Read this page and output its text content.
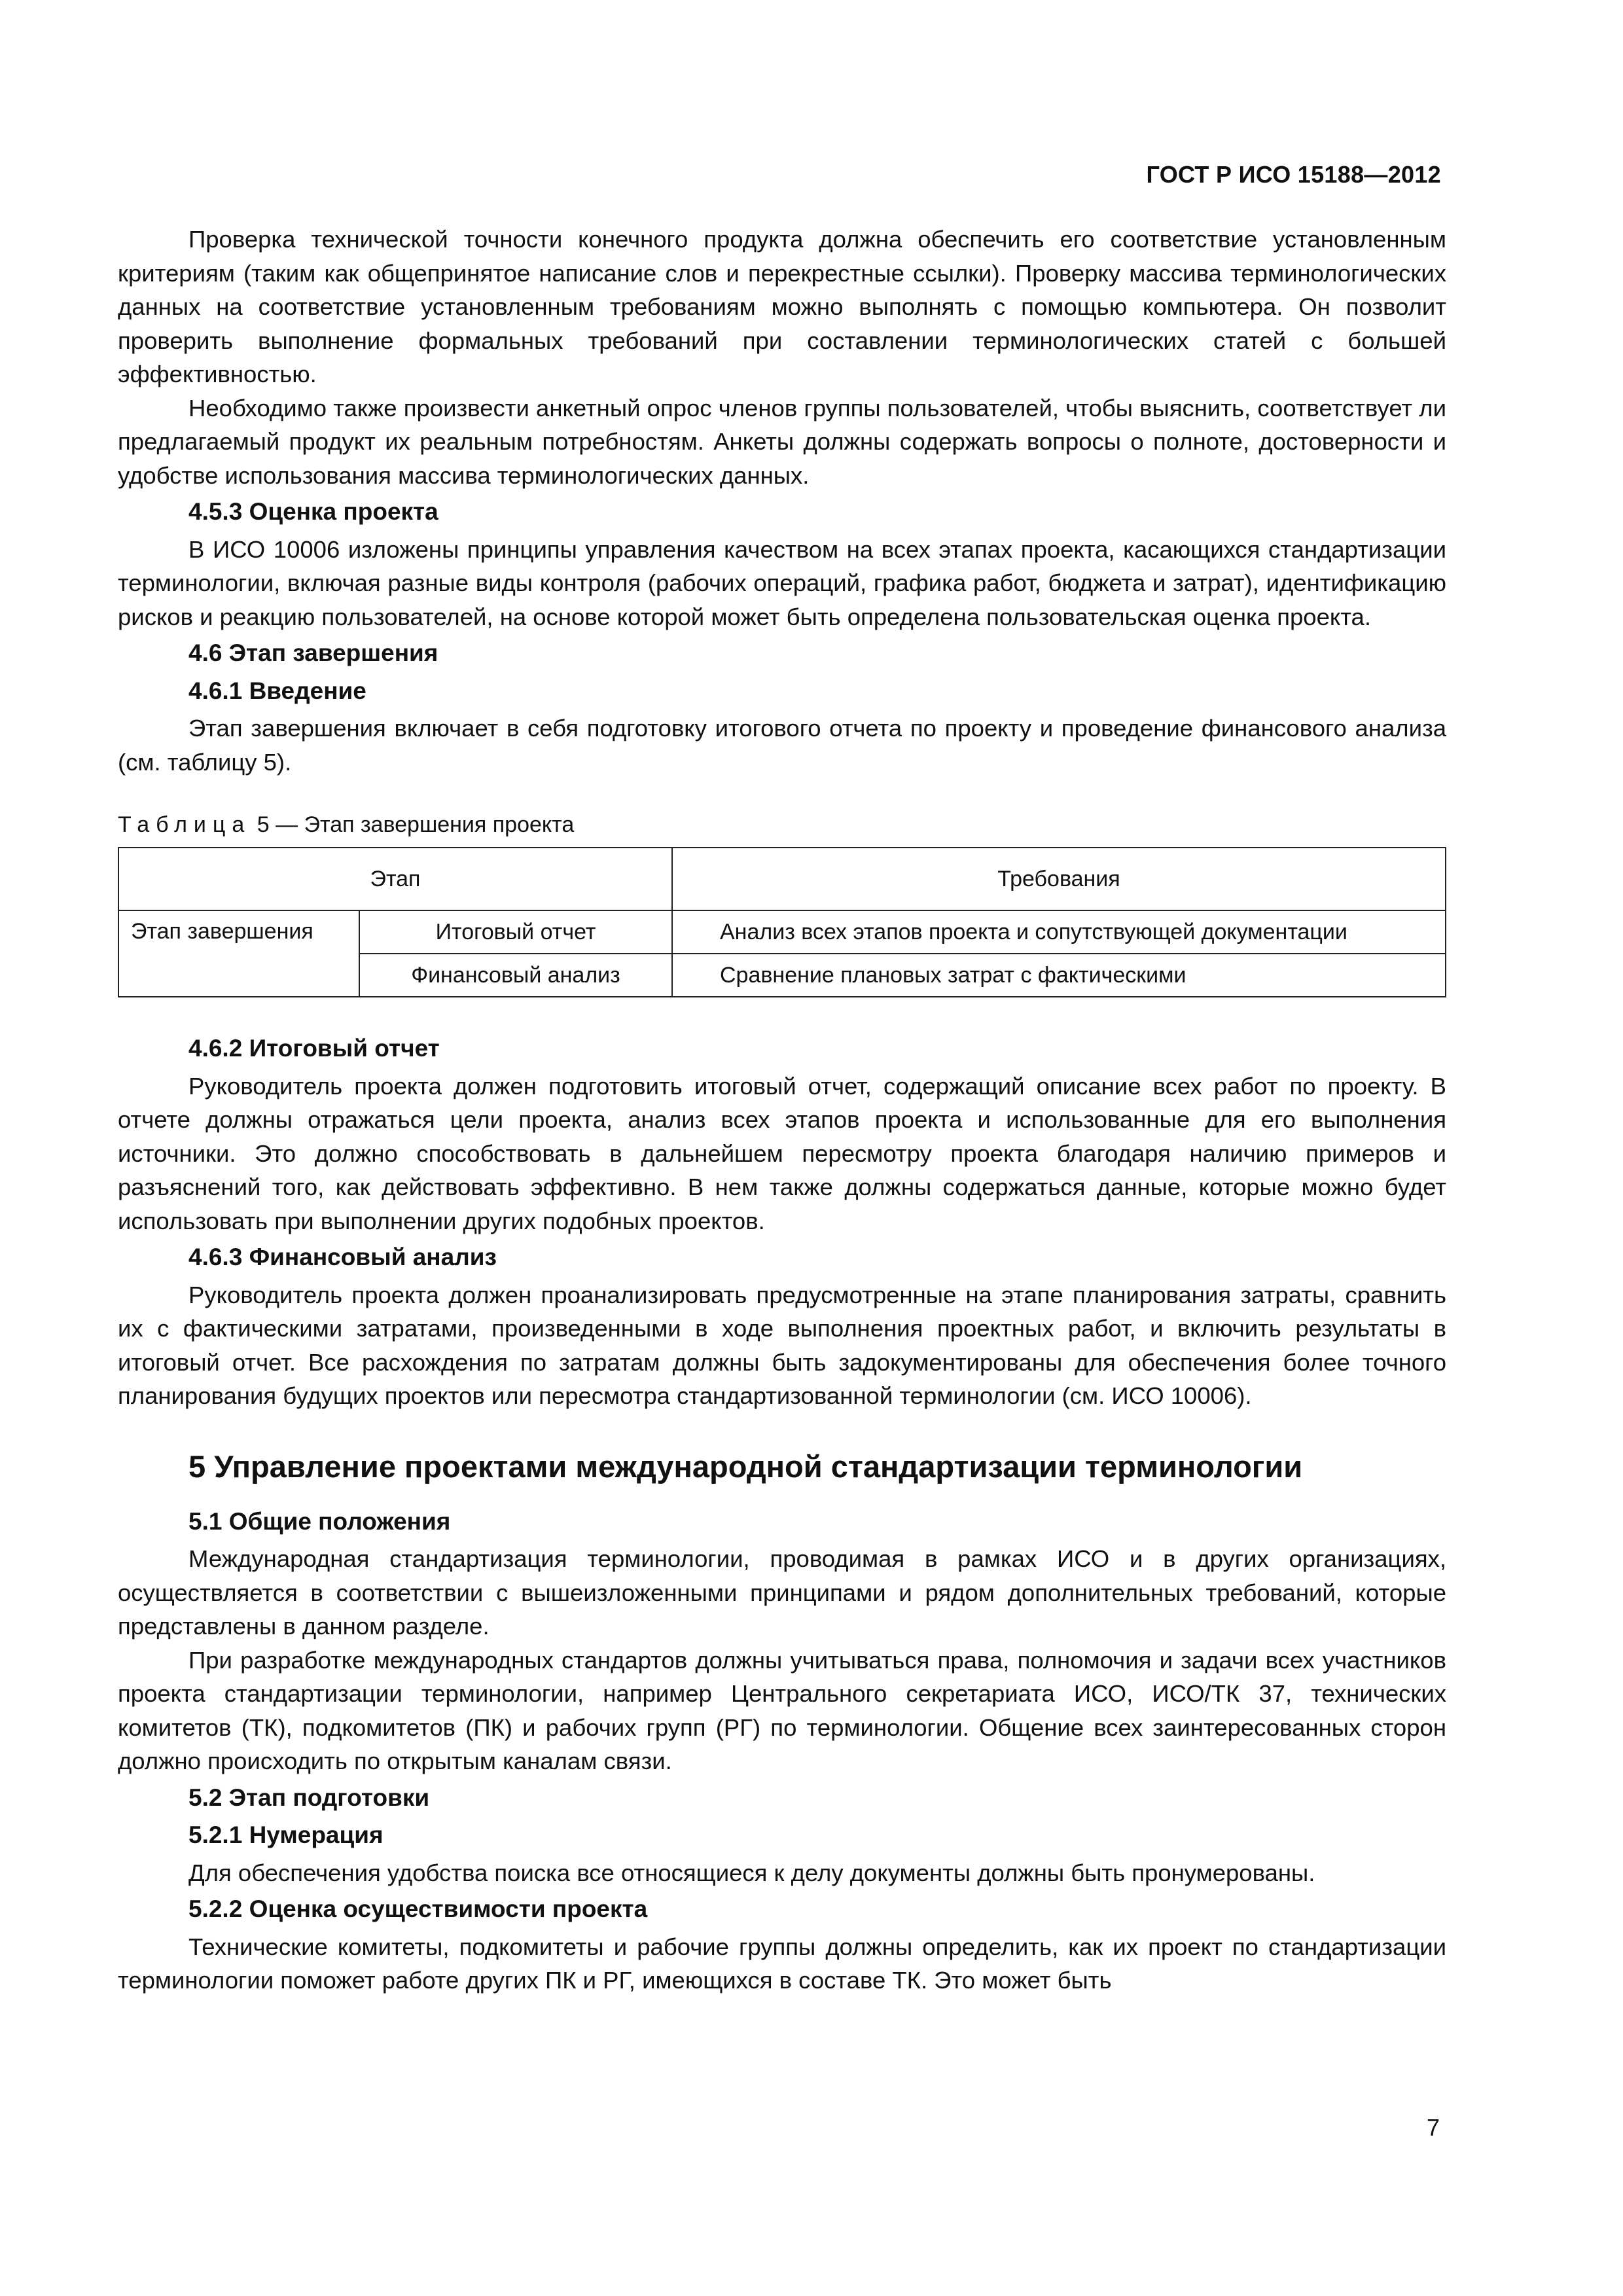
ГОСТ Р ИСО 15188—2012

Проверка технической точности конечного продукта должна обеспечить его соответствие установленным критериям (таким как общепринятое написание слов и перекрестные ссылки). Проверку массива терминологических данных на соответствие установленным требованиям можно выполнять с помощью компьютера. Он позволит проверить выполнение формальных требований при составлении терминологических статей с большей эффективностью.

Необходимо также произвести анкетный опрос членов группы пользователей, чтобы выяснить, соответствует ли предлагаемый продукт их реальным потребностям. Анкеты должны содержать вопросы о полноте, достоверности и удобстве использования массива терминологических данных.

4.5.3 Оценка проекта

В ИСО 10006 изложены принципы управления качеством на всех этапах проекта, касающихся стандартизации терминологии, включая разные виды контроля (рабочих операций, графика работ, бюджета и затрат), идентификацию рисков и реакцию пользователей, на основе которой может быть определена пользовательская оценка проекта.

4.6 Этап завершения
4.6.1 Введение

Этап завершения включает в себя подготовку итогового отчета по проекту и проведение финансового анализа (см. таблицу 5).

Таблица 5 — Этап завершения проекта
Этап		Требования
Этап завершения	Итоговый отчет	Анализ всех этапов проекта и сопутствующей документации
	Финансовый анализ	Сравнение плановых затрат с фактическими
4.6.2 Итоговый отчет

Руководитель проекта должен подготовить итоговый отчет, содержащий описание всех работ по проекту. В отчете должны отражаться цели проекта, анализ всех этапов проекта и использованные для его выполнения источники. Это должно способствовать в дальнейшем пересмотру проекта благодаря наличию примеров и разъяснений того, как действовать эффективно. В нем также должны содержаться данные, которые можно будет использовать при выполнении других подобных проектов.

4.6.3 Финансовый анализ

Руководитель проекта должен проанализировать предусмотренные на этапе планирования затраты, сравнить их с фактическими затратами, произведенными в ходе выполнения проектных работ, и включить результаты в итоговый отчет. Все расхождения по затратам должны быть задокументированы для обеспечения более точного планирования будущих проектов или пересмотра стандартизованной терминологии (см. ИСО 10006).

5 Управление проектами международной стандартизации терминологии
5.1 Общие положения

Международная стандартизация терминологии, проводимая в рамках ИСО и в других организациях, осуществляется в соответствии с вышеизложенными принципами и рядом дополнительных требований, которые представлены в данном разделе.

При разработке международных стандартов должны учитываться права, полномочия и задачи всех участников проекта стандартизации терминологии, например Центрального секретариата ИСО, ИСО/ТК 37, технических комитетов (ТК), подкомитетов (ПК) и рабочих групп (РГ) по терминологии. Общение всех заинтересованных сторон должно происходить по открытым каналам связи.

5.2 Этап подготовки
5.2.1 Нумерация

Для обеспечения удобства поиска все относящиеся к делу документы должны быть пронумерованы.

5.2.2 Оценка осуществимости проекта

Технические комитеты, подкомитеты и рабочие группы должны определить, как их проект по стандартизации терминологии поможет работе других ПК и РГ, имеющихся в составе ТК. Это может быть

7
